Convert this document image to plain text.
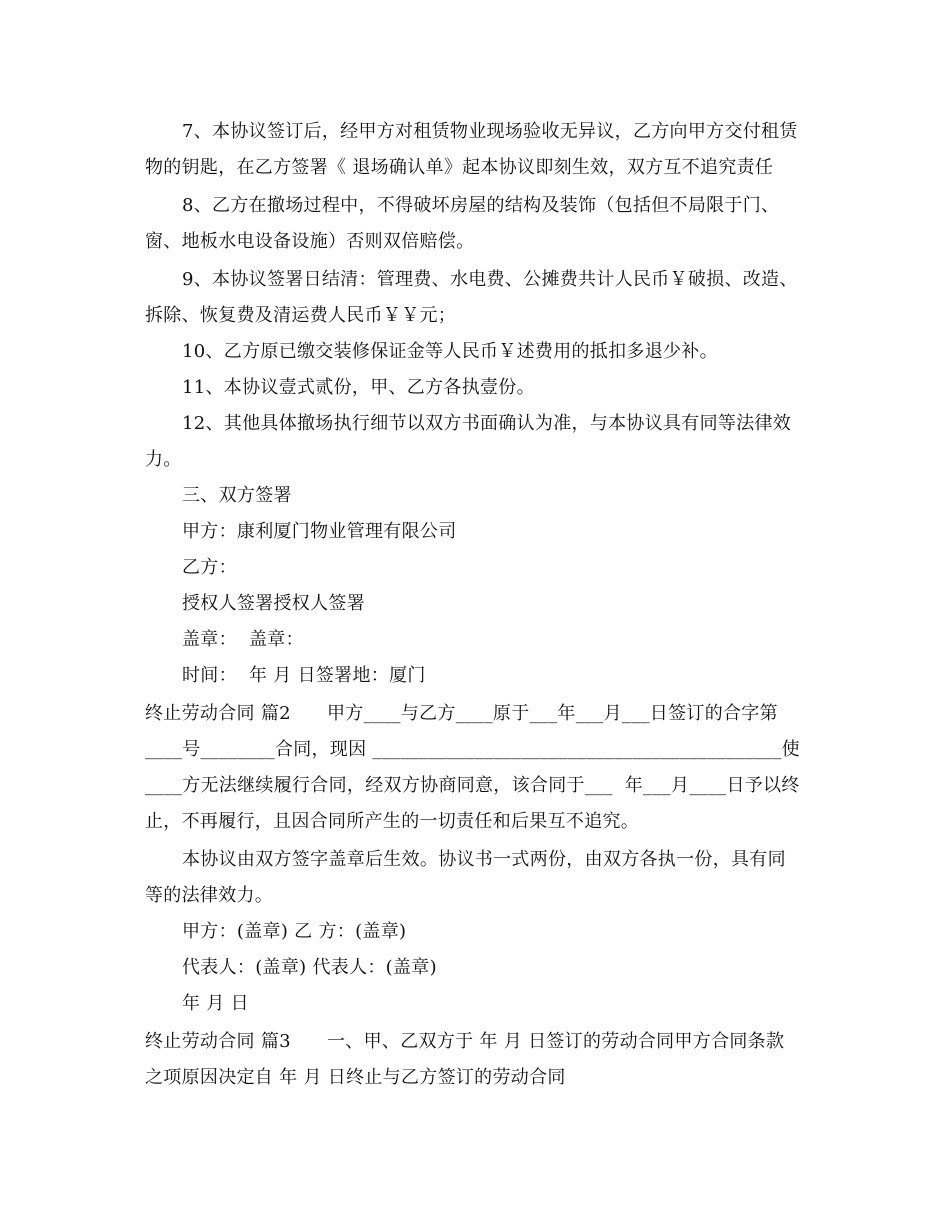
7、本协议签订后，经甲方对租赁物业现场验收无异议，乙方向甲方交付租赁
物的钥匙，在乙方签署《 退场确认单》起本协议即刻生效，双方互不追究责任
8、乙方在撤场过程中，不得破坏房屋的结构及装饰（包括但不局限于门、
窗、地板水电设备设施）否则双倍赔偿。
9、本协议签署日结清：管理费、水电费、公摊费共计人民币￥破损、改造、
拆除、恢复费及清运费人民币￥￥元；
10、乙方原已缴交装修保证金等人民币￥述费用的抵扣多退少补。
11、本协议壹式贰份，甲、乙方各执壹份。
12、其他具体撤场执行细节以双方书面确认为准，与本协议具有同等法律效
力。
三、双方签署
甲方：康利厦门物业管理有限公司
乙方：
授权人签署授权人签署
盖章：  盖章：
时间：  年 月 日签署地：厦门
终止劳动合同 篇2      甲方____与乙方____原于___年___月___日签订的合字第
____号________合同，现因 ____________________________________________使
____方无法继续履行合同，经双方协商同意，该合同于___  年___月____日予以终
止，不再履行，且因合同所产生的一切责任和后果互不追究。
本协议由双方签字盖章后生效。协议书一式两份，由双方各执一份，具有同
等的法律效力。
甲方：(盖章) 乙 方：(盖章)
代表人：(盖章) 代表人：(盖章)
年 月 日
终止劳动合同 篇3      一、甲、乙双方于 年 月 日签订的劳动合同甲方合同条款
之项原因决定自 年 月 日终止与乙方签订的劳动合同
